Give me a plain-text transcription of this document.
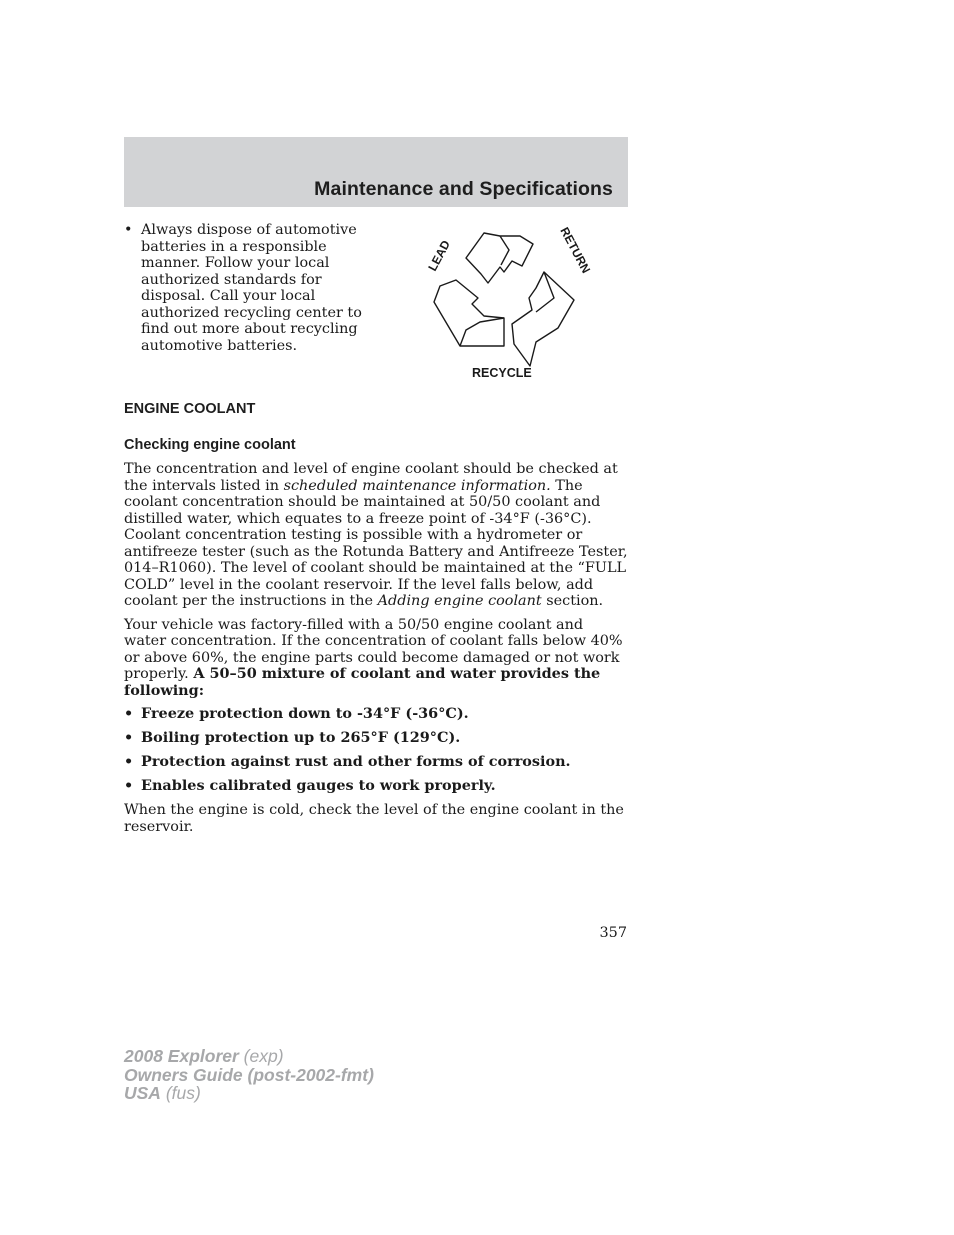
Maintenance and Specifications
• Always dispose of automotive batteries in a responsible manner. Follow your local authorized standards for disposal. Call your local authorized recycling center to find out more about recycling automotive batteries.
LEAD	RETURN
RECYCLE
ENGINE COOLANT
Checking engine coolant

The concentration and level of engine coolant should be checked at the intervals listed in scheduled maintenance information. The coolant concentration should be maintained at 50/50 coolant and distilled water, which equates to a freeze point of -34°F (-36°C). Coolant concentration testing is possible with a hydrometer or antifreeze tester (such as the Rotunda Battery and Antifreeze Tester, 014–R1060). The level of coolant should be maintained at the “FULL COLD” level in the coolant reservoir. If the level falls below, add coolant per the instructions in the Adding engine coolant section.

Your vehicle was factory-filled with a 50/50 engine coolant and water concentration. If the concentration of coolant falls below 40% or above 60%, the engine parts could become damaged or not work properly. A 50–50 mixture of coolant and water provides the following:

• Freeze protection down to -34°F (-36°C).
• Boiling protection up to 265°F (129°C).
• Protection against rust and other forms of corrosion.
• Enables calibrated gauges to work properly.

When the engine is cold, check the level of the engine coolant in the reservoir.

357
2008 Explorer (exp)
Owners Guide (post-2002-fmt)
USA (fus)
